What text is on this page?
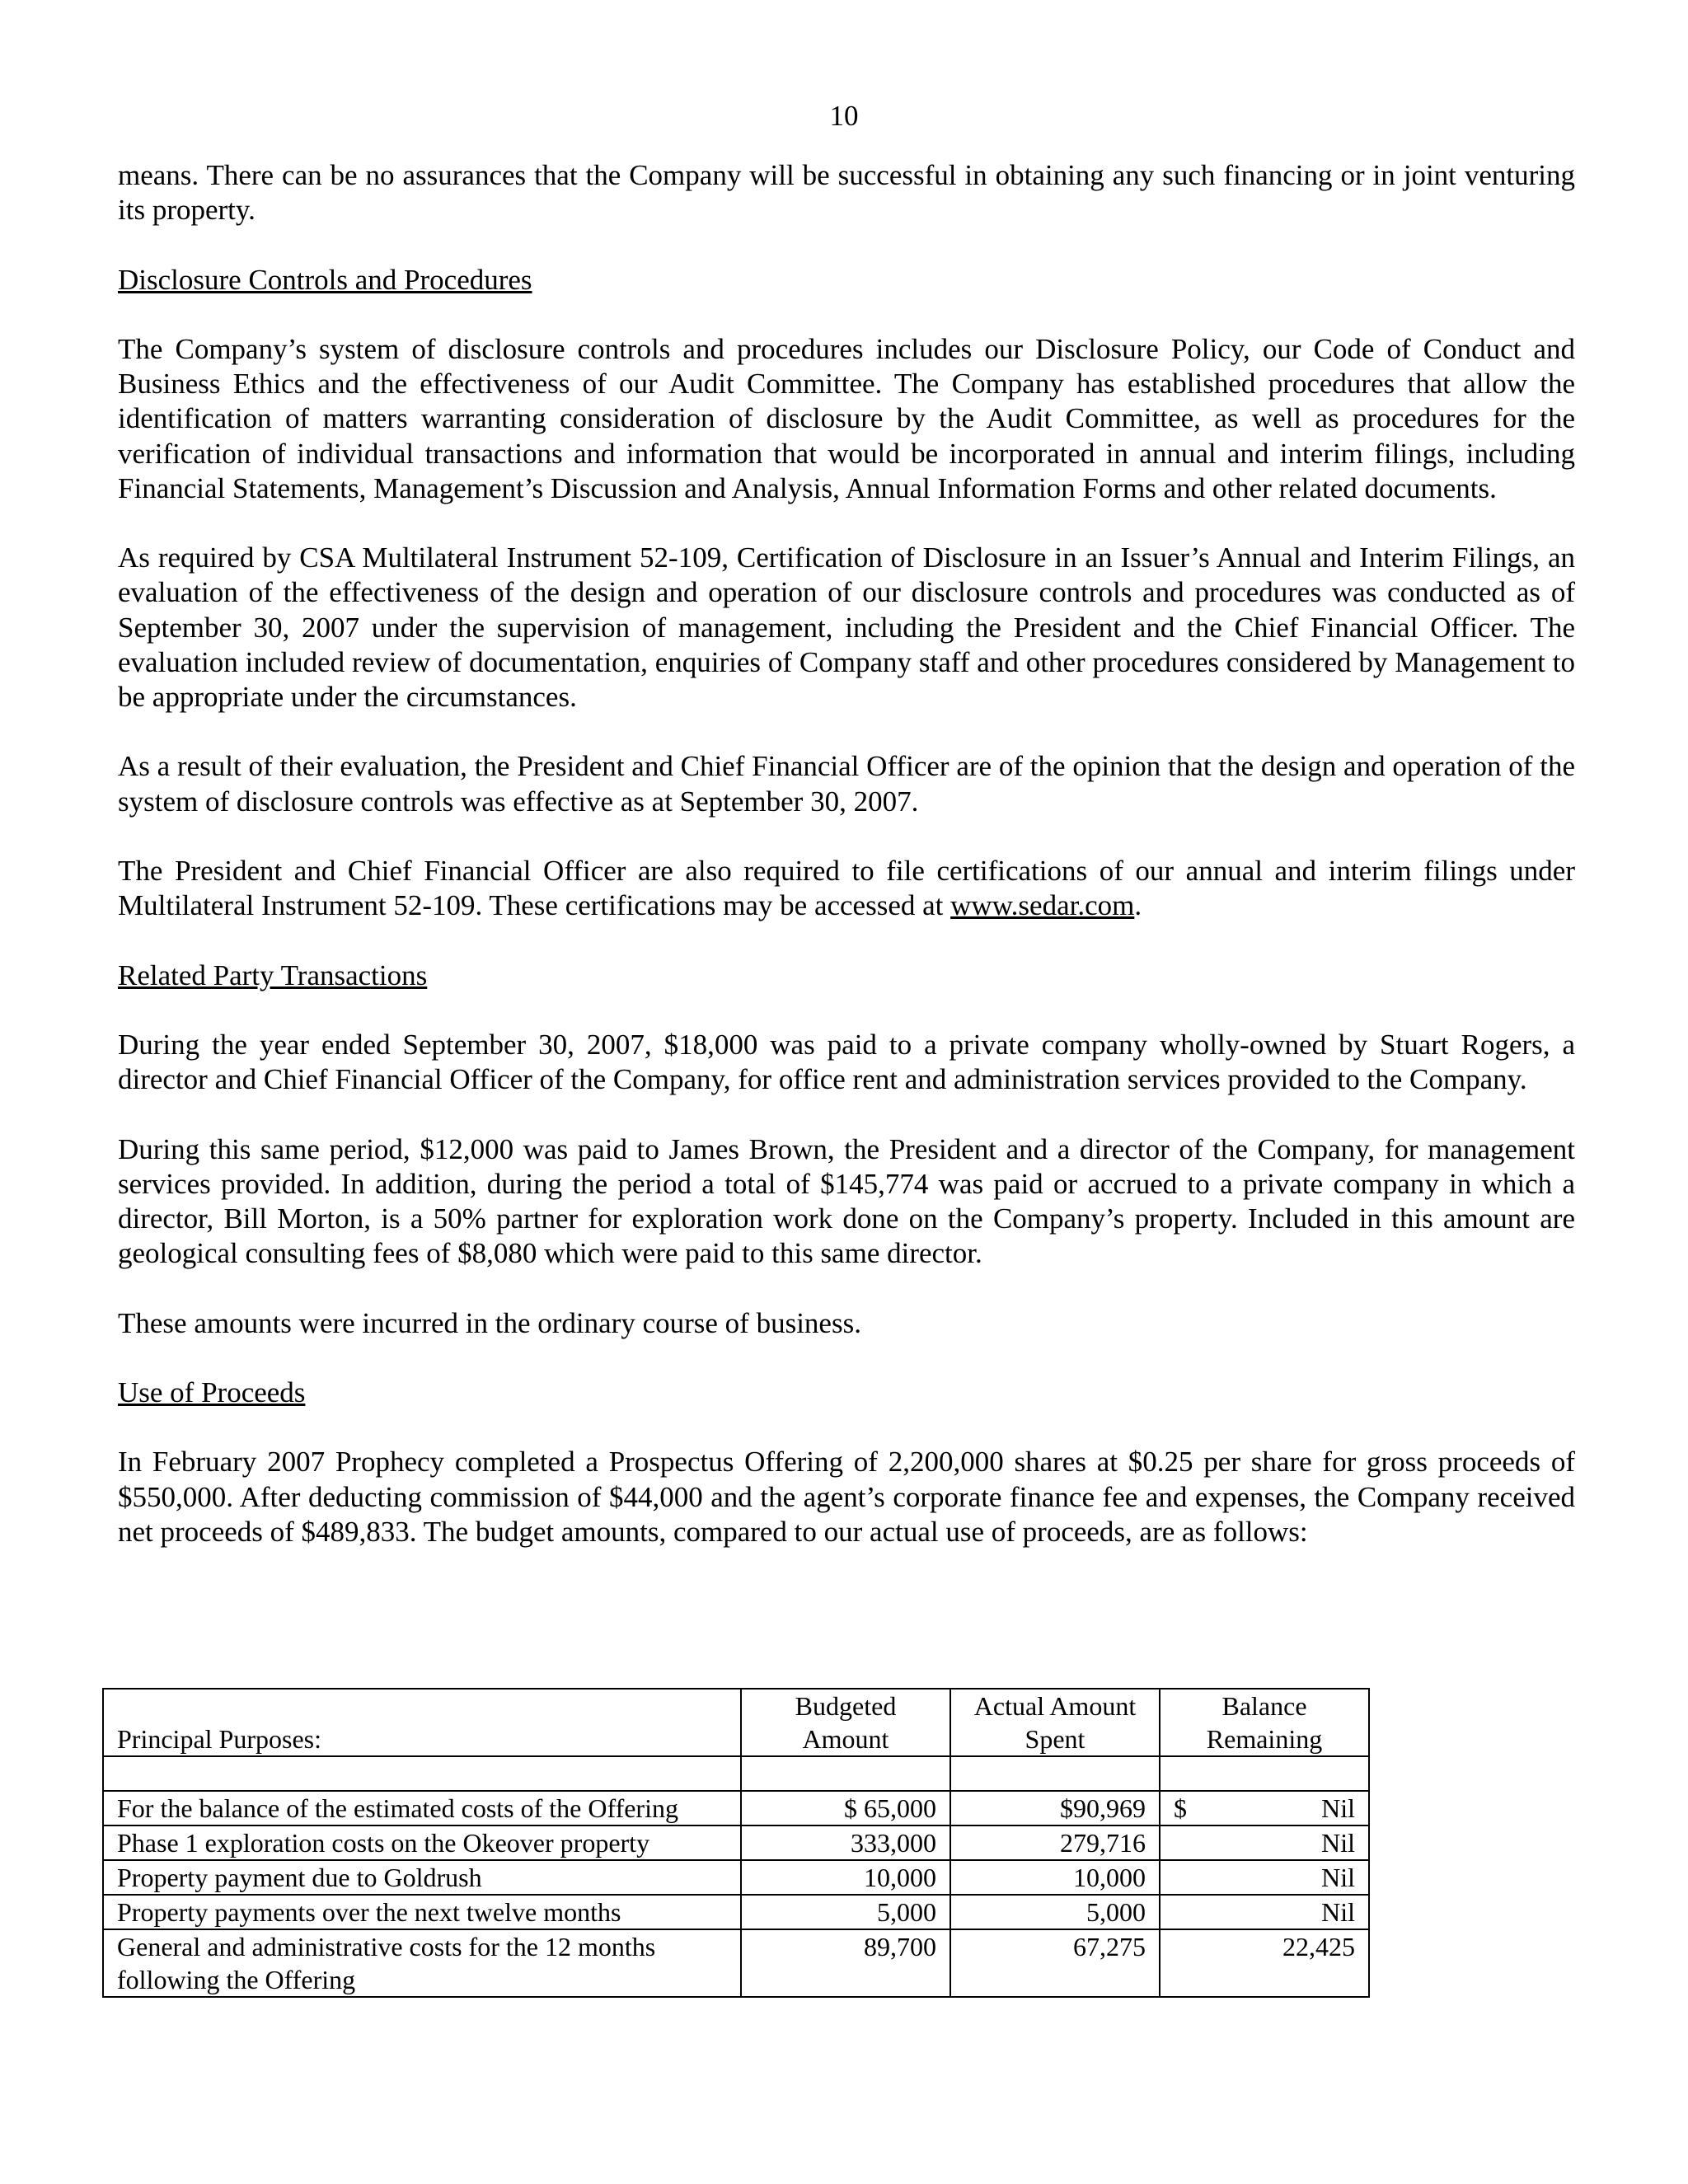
10

means. There can be no assurances that the Company will be successful in obtaining any such financing or in joint venturing its property.

Disclosure Controls and Procedures

The Company’s system of disclosure controls and procedures includes our Disclosure Policy, our Code of Conduct and Business Ethics and the effectiveness of our Audit Committee. The Company has established procedures that allow the identification of matters warranting consideration of disclosure by the Audit Committee, as well as procedures for the verification of individual transactions and information that would be incorporated in annual and interim filings, including Financial Statements, Management’s Discussion and Analysis, Annual Information Forms and other related documents.

As required by CSA Multilateral Instrument 52-109, Certification of Disclosure in an Issuer’s Annual and Interim Filings, an evaluation of the effectiveness of the design and operation of our disclosure controls and procedures was conducted as of September 30, 2007 under the supervision of management, including the President and the Chief Financial Officer. The evaluation included review of documentation, enquiries of Company staff and other procedures considered by Management to be appropriate under the circumstances.

As a result of their evaluation, the President and Chief Financial Officer are of the opinion that the design and operation of the system of disclosure controls was effective as at September 30, 2007.

The President and Chief Financial Officer are also required to file certifications of our annual and interim filings under Multilateral Instrument 52-109. These certifications may be accessed at www.sedar.com.

Related Party Transactions

During the year ended September 30, 2007, $18,000 was paid to a private company wholly-owned by Stuart Rogers, a director and Chief Financial Officer of the Company, for office rent and administration services provided to the Company.

During this same period, $12,000 was paid to James Brown, the President and a director of the Company, for management services provided. In addition, during the period a total of $145,774 was paid or accrued to a private company in which a director, Bill Morton, is a 50% partner for exploration work done on the Company’s property. Included in this amount are geological consulting fees of $8,080 which were paid to this same director.

These amounts were incurred in the ordinary course of business.

Use of Proceeds

In February 2007 Prophecy completed a Prospectus Offering of 2,200,000 shares at $0.25 per share for gross proceeds of $550,000. After deducting commission of $44,000 and the agent’s corporate finance fee and expenses, the Company received net proceeds of $489,833. The budget amounts, compared to our actual use of proceeds, are as follows:

Principal Purposes:	Budgeted Amount	Actual Amount Spent	Balance Remaining

For the balance of the estimated costs of the Offering	$ 65,000	$90,969	$ Nil
Phase 1 exploration costs on the Okeover property	333,000	279,716	Nil
Property payment due to Goldrush	10,000	10,000	Nil
Property payments over the next twelve months	5,000	5,000	Nil
General and administrative costs for the 12 months following the Offering	89,700	67,275	22,425
